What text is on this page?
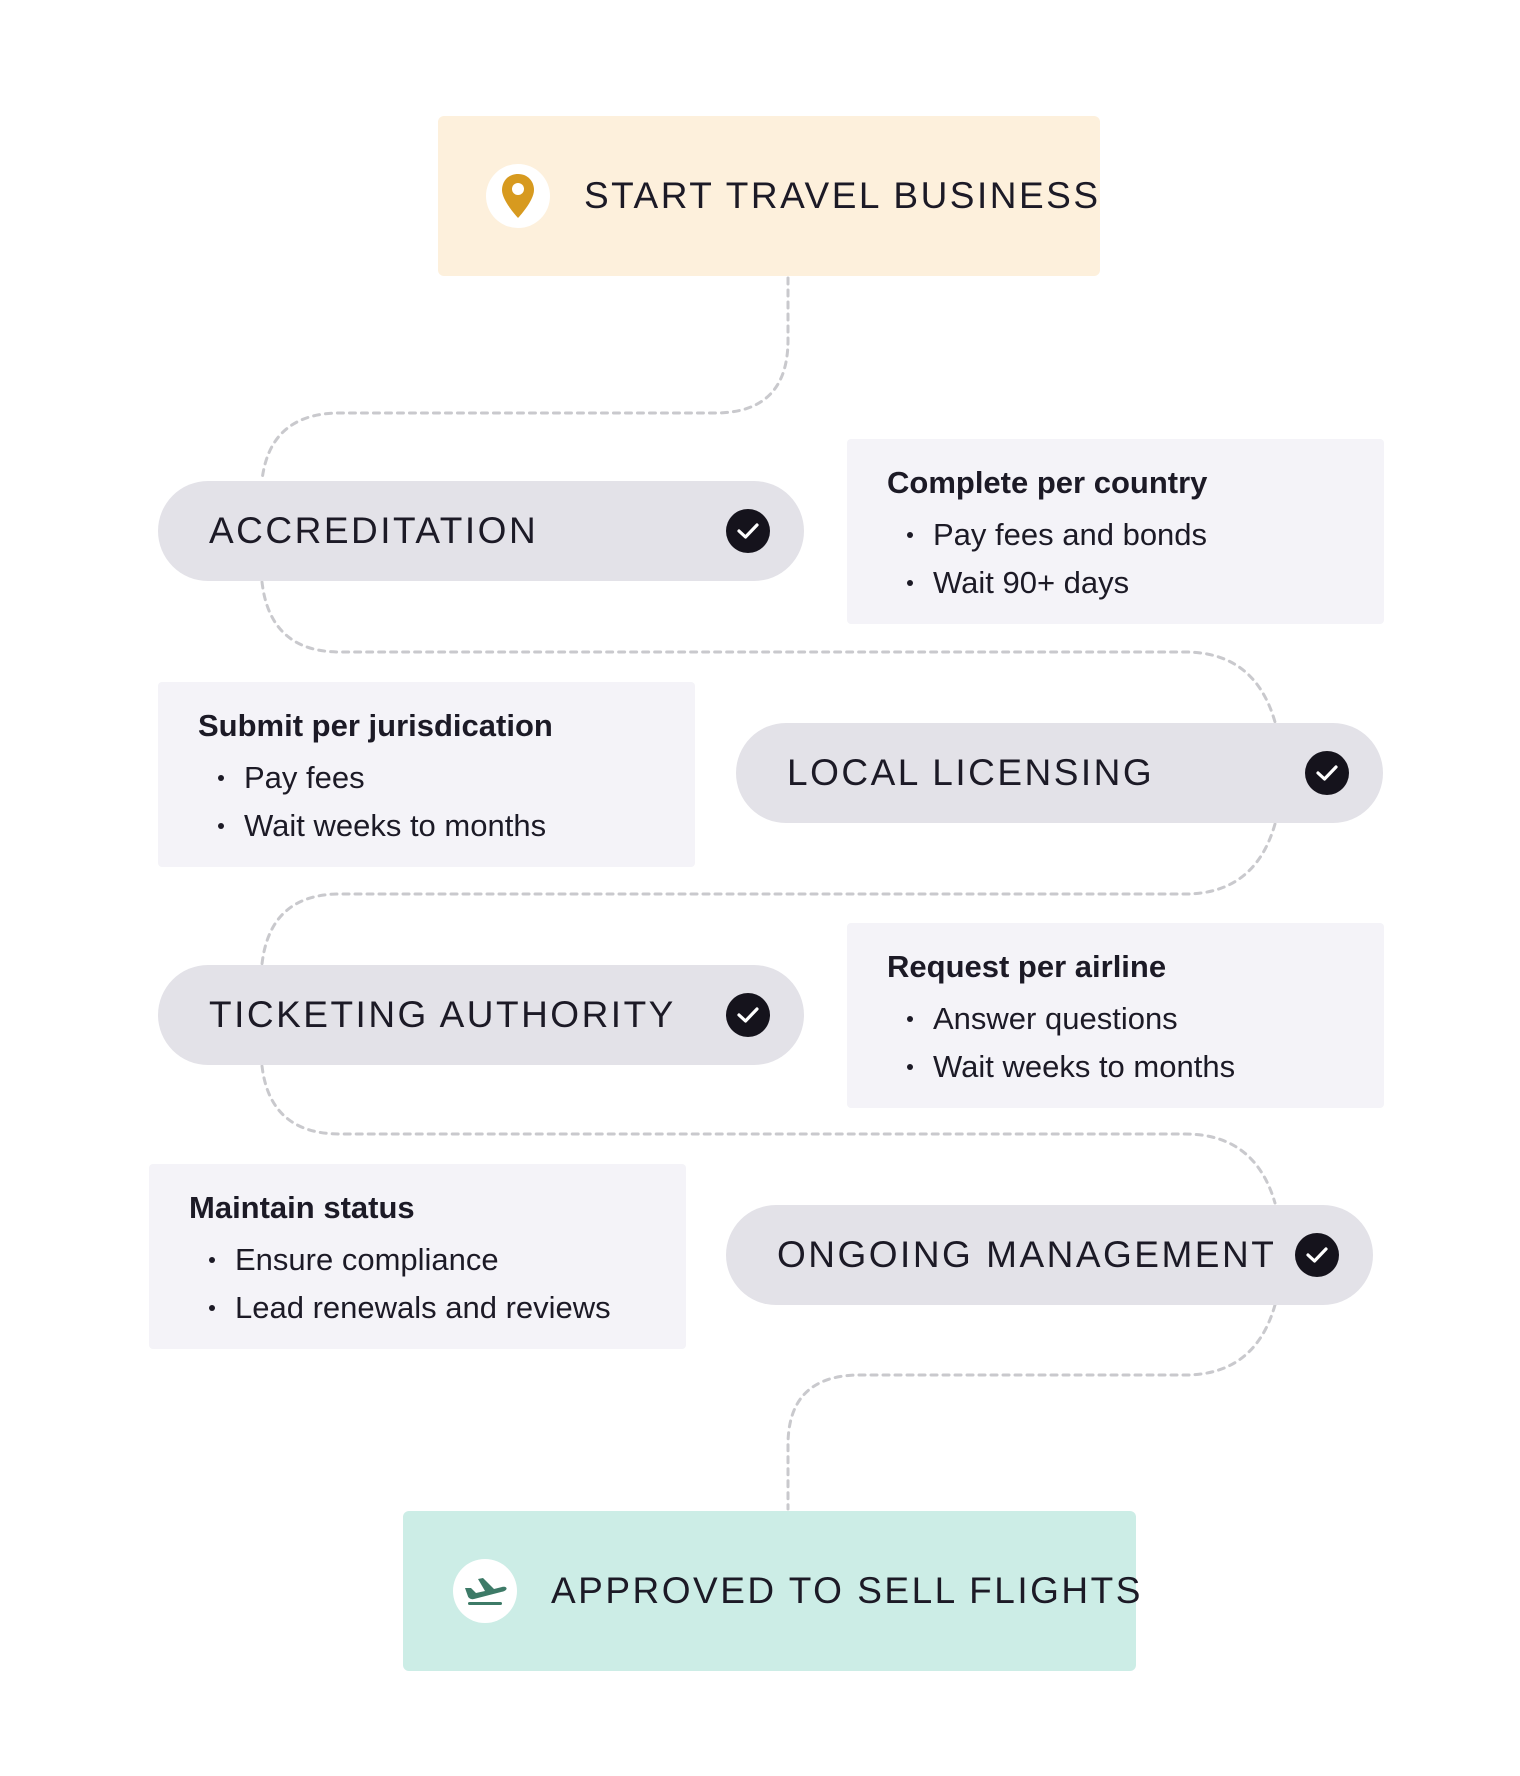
START TRAVEL BUSINESS
ACCREDITATION
Complete per country
Pay fees and bonds
Wait 90+ days
Submit per jurisdication
Pay fees
Wait weeks to months
LOCAL LICENSING
TICKETING AUTHORITY
Request per airline
Answer questions
Wait weeks to months
Maintain status
Ensure compliance
Lead renewals and reviews
ONGOING MANAGEMENT
APPROVED TO SELL FLIGHTS
